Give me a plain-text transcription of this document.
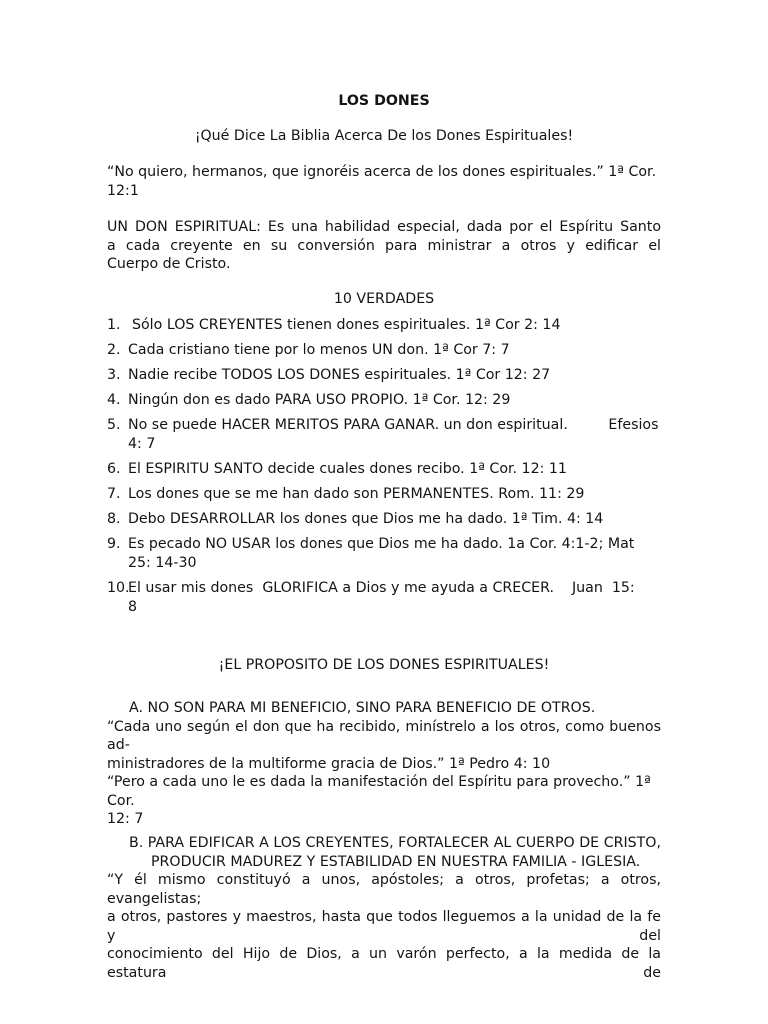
LOS DONES
¡Qué Dice La Biblia Acerca De los Dones Espirituales!
“No quiero, hermanos, que ignoréis acerca de los dones espirituales.” 1ª Cor.
12:1
UN DON ESPIRITUAL: Es una habilidad especial, dada por el Espíritu Santo
a cada creyente en su conversión para ministrar a otros y edificar el
Cuerpo de Cristo.
10 VERDADES
1. Sólo LOS CREYENTES tienen dones espirituales. 1ª Cor 2: 14
2. Cada cristiano tiene por lo menos UN don. 1ª Cor 7: 7
3. Nadie recibe TODOS LOS DONES espirituales. 1ª Cor 12: 27
4. Ningún don es dado PARA USO PROPIO. 1ª Cor. 12: 29
5. No se puede HACER MERITOS PARA GANAR. un don espiritual.         Efesios
4: 7
6. El ESPIRITU SANTO decide cuales dones recibo. 1ª Cor. 12: 11
7. Los dones que se me han dado son PERMANENTES. Rom. 11: 29
8. Debo DESARROLLAR los dones que Dios me ha dado. 1ª Tim. 4: 14
9. Es pecado NO USAR los dones que Dios me ha dado. 1a Cor. 4:1-2; Mat
25: 14-30
10.
El usar mis dones  GLORIFICA a Dios y me ayuda a CRECER.    Juan  15:
8
¡EL PROPOSITO DE LOS DONES ESPIRITUALES!
A. NO SON PARA MI BENEFICIO, SINO PARA BENEFICIO DE OTROS.
“Cada uno según el don que ha recibido, minístrelo a los otros, como buenos ad-
ministradores de la multiforme gracia de Dios.” 1ª Pedro 4: 10
“Pero a cada uno le es dada la manifestación del Espíritu para provecho.” 1ª Cor.
12: 7
B. PARA EDIFICAR A LOS CREYENTES, FORTALECER AL CUERPO DE CRISTO,
PRODUCIR MADUREZ Y ESTABILIDAD EN NUESTRA FAMILIA - IGLESIA.
“Y él mismo constituyó a unos, apóstoles; a otros, profetas; a otros, evangelistas;
a otros, pastores y maestros, hasta que todos lleguemos a la unidad de la fe y del
conocimiento del Hijo de Dios, a un varón perfecto, a la medida de la estatura de
